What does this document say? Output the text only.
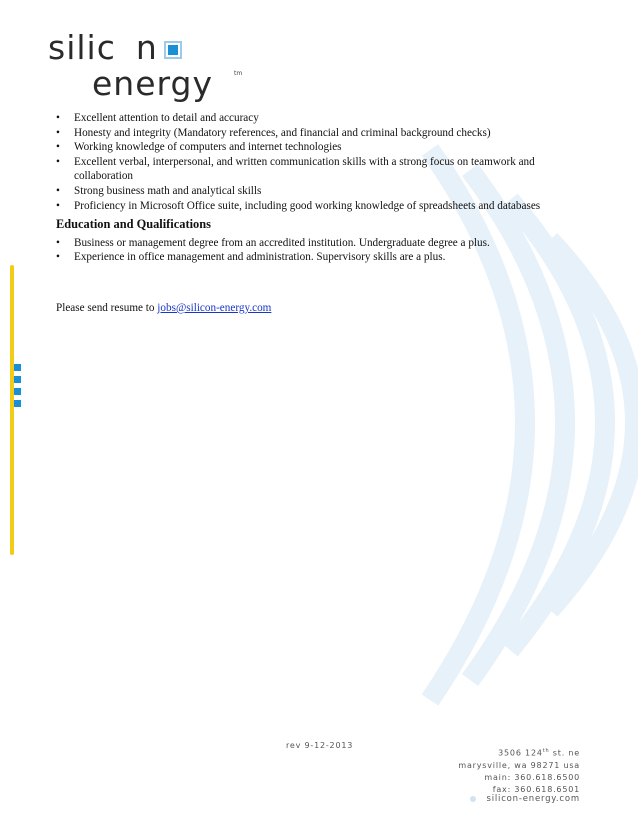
silic n
energy	tm
• Excellent attention to detail and accuracy
• Honesty and integrity (Mandatory references, and financial and criminal background checks)
• Working knowledge of computers and internet technologies
• Excellent verbal, interpersonal, and written communication skills with a strong focus on teamwork and collaboration
• Strong business math and analytical skills
• Proficiency in Microsoft Office suite, including good working knowledge of spreadsheets and databases
Education and Qualifications
• Business or management degree from an accredited institution. Undergraduate degree a plus.
• Experience in office management and administration. Supervisory skills are a plus.
Please send resume to jobs@silicon-energy.com
rev 9-12-2013
3506 124th st. ne
marysville, wa 98271 usa
main: 360.618.6500
fax: 360.618.6501
silicon-energy.com
